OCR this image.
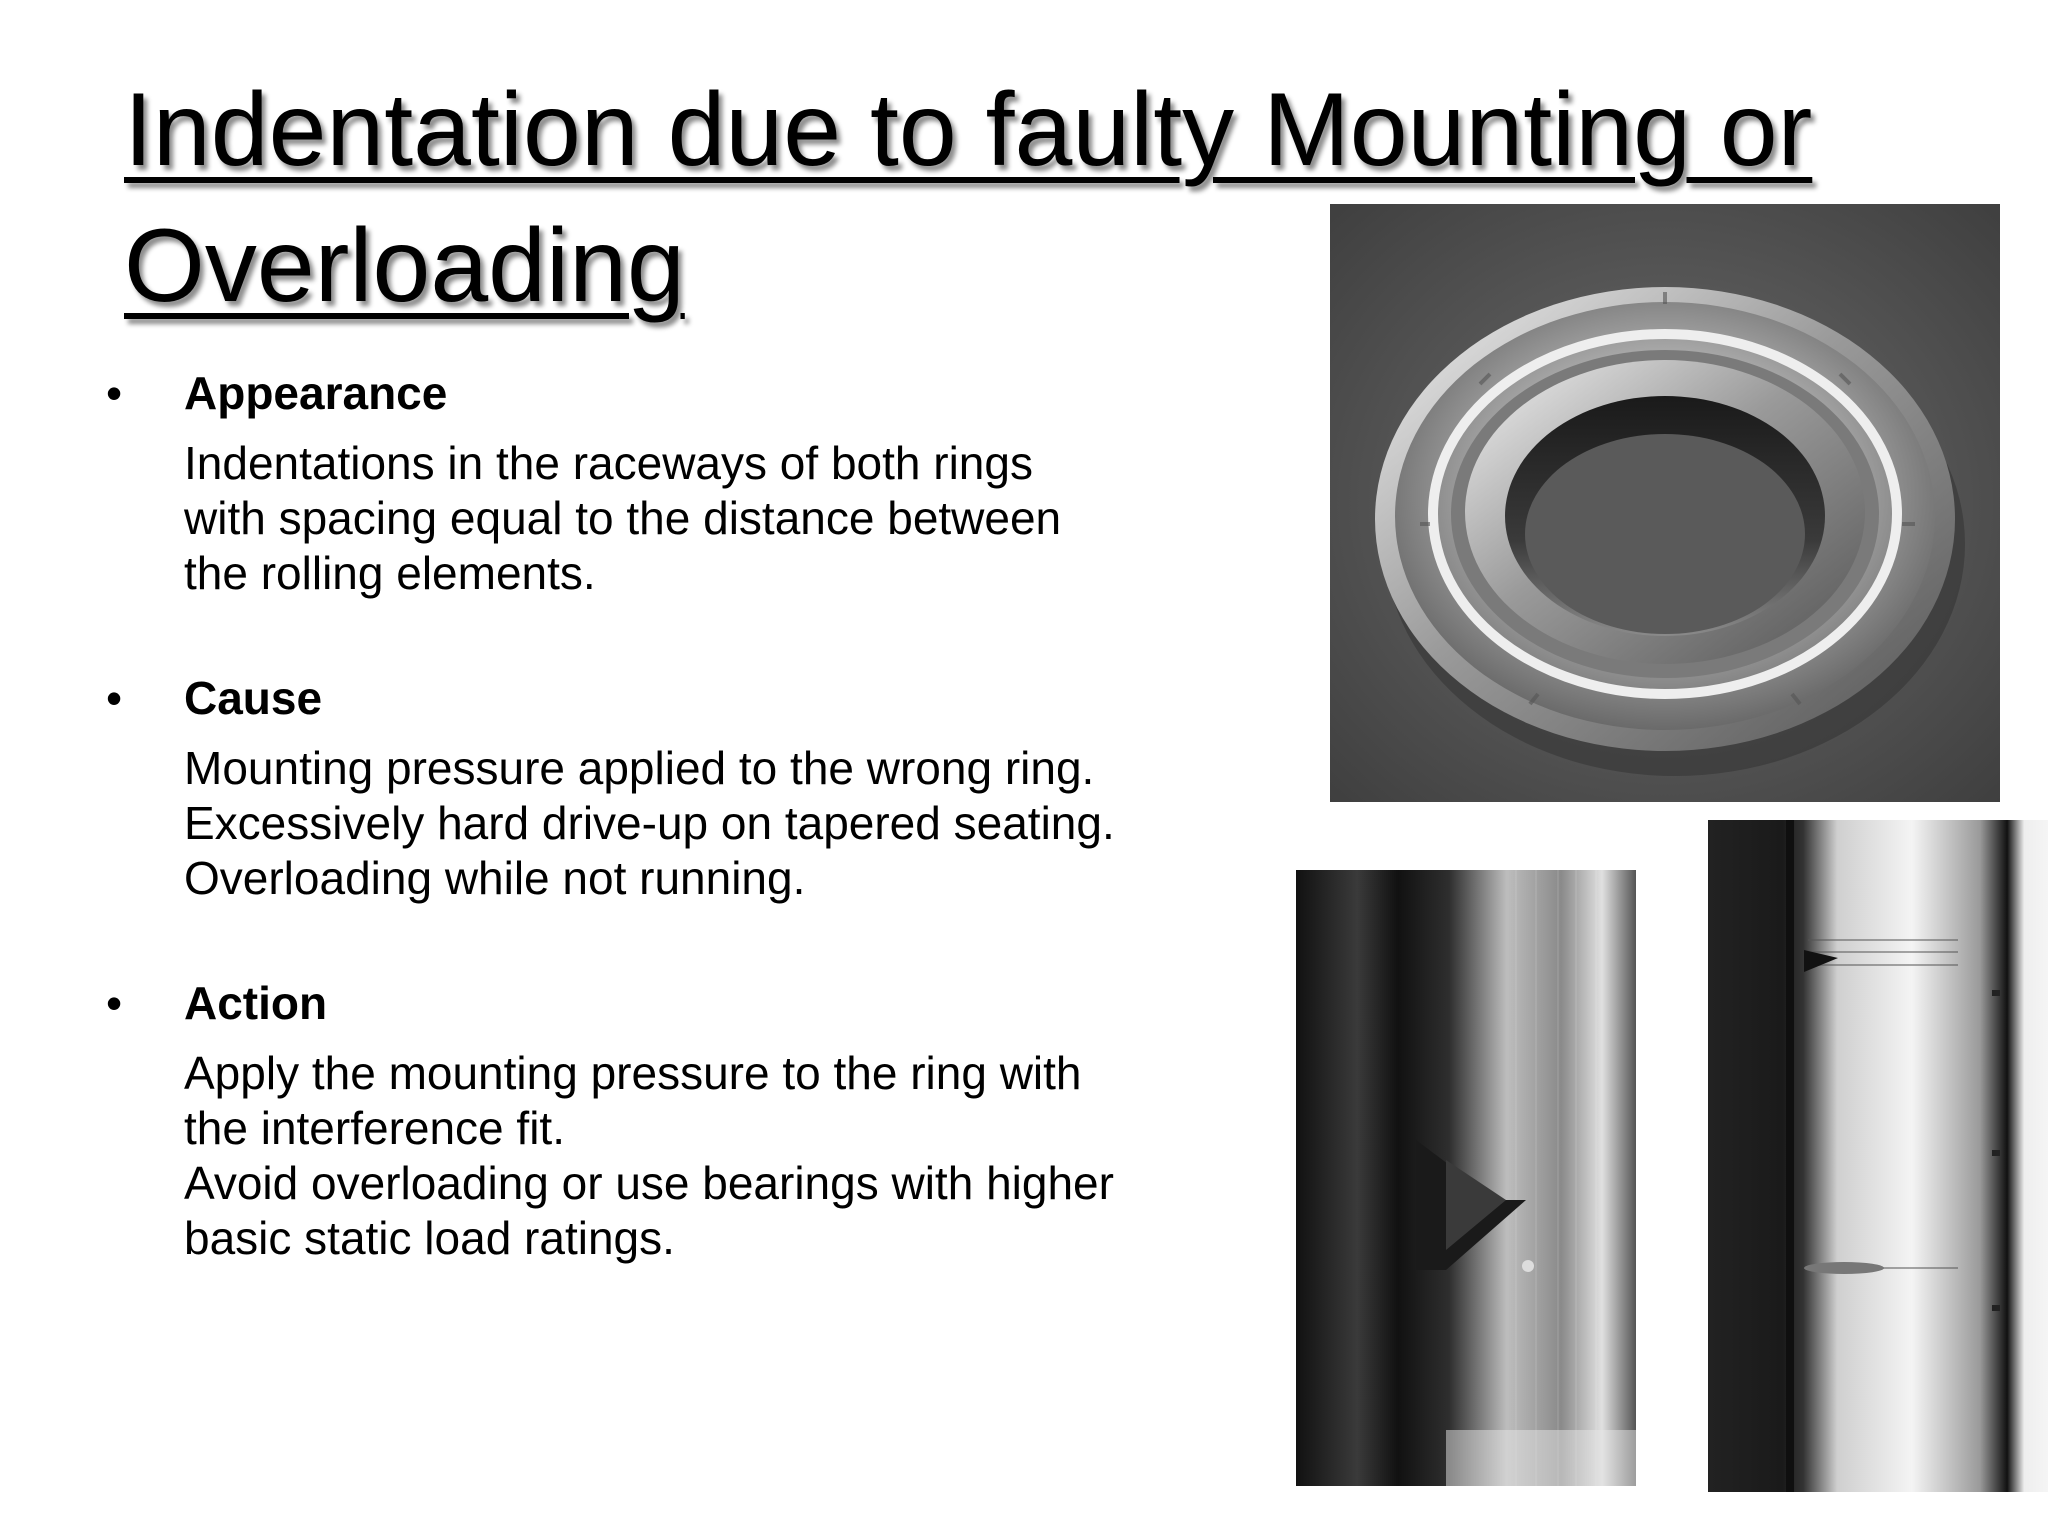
Indentation due to faulty Mounting or
Overloading
• Appearance
Indentations in the raceways of both rings
with spacing equal to the distance between
the rolling elements.
• Cause
Mounting pressure applied to the wrong ring.
Excessively hard drive-up on tapered seating.
Overloading while not running.
• Action
Apply the mounting pressure to the ring with
the interference fit.
Avoid overloading or use bearings with higher
basic static load ratings.
